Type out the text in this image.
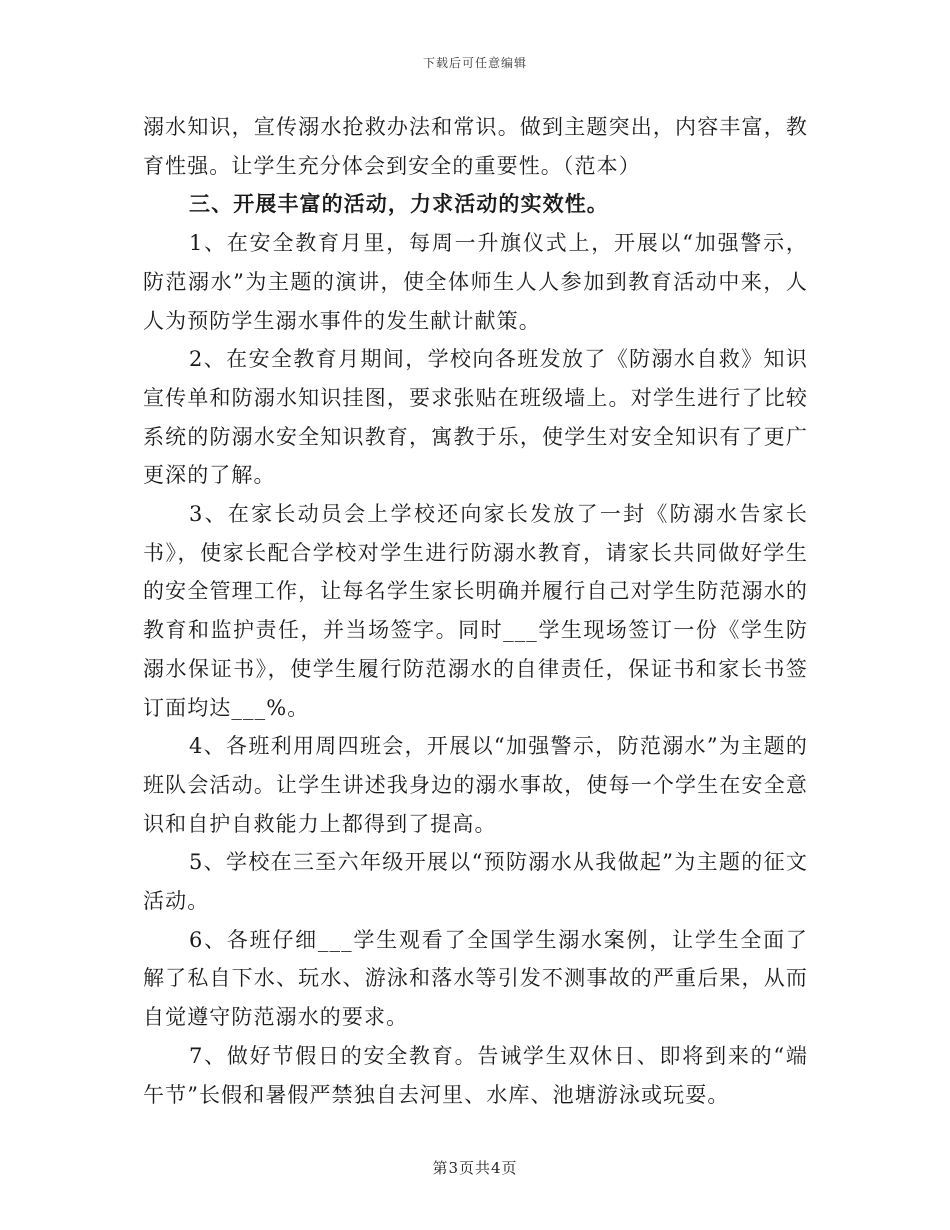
下载后可任意编辑

溺水知识，宣传溺水抢救办法和常识。做到主题突出，内容丰富，教育性强。让学生充分体会到安全的重要性。（范本）

三、开展丰富的活动，力求活动的实效性。

1、在安全教育月里，每周一升旗仪式上，开展以“加强警示，防范溺水”为主题的演讲，使全体师生人人参加到教育活动中来，人人为预防学生溺水事件的发生献计献策。

2、在安全教育月期间，学校向各班发放了《防溺水自救》知识宣传单和防溺水知识挂图，要求张贴在班级墙上。对学生进行了比较系统的防溺水安全知识教育，寓教于乐，使学生对安全知识有了更广更深的了解。

3、在家长动员会上学校还向家长发放了一封《防溺水告家长书》，使家长配合学校对学生进行防溺水教育，请家长共同做好学生的安全管理工作，让每名学生家长明确并履行自己对学生防范溺水的教育和监护责任，并当场签字。同时___学生现场签订一份《学生防溺水保证书》，使学生履行防范溺水的自律责任，保证书和家长书签订面均达___%。

4、各班利用周四班会，开展以“加强警示，防范溺水”为主题的班队会活动。让学生讲述我身边的溺水事故，使每一个学生在安全意识和自护自救能力上都得到了提高。

5、学校在三至六年级开展以“预防溺水从我做起”为主题的征文活动。

6、各班仔细___学生观看了全国学生溺水案例，让学生全面了解了私自下水、玩水、游泳和落水等引发不测事故的严重后果，从而自觉遵守防范溺水的要求。

7、做好节假日的安全教育。告诫学生双休日、即将到来的“端午节”长假和暑假严禁独自去河里、水库、池塘游泳或玩耍。

第3页共4页
